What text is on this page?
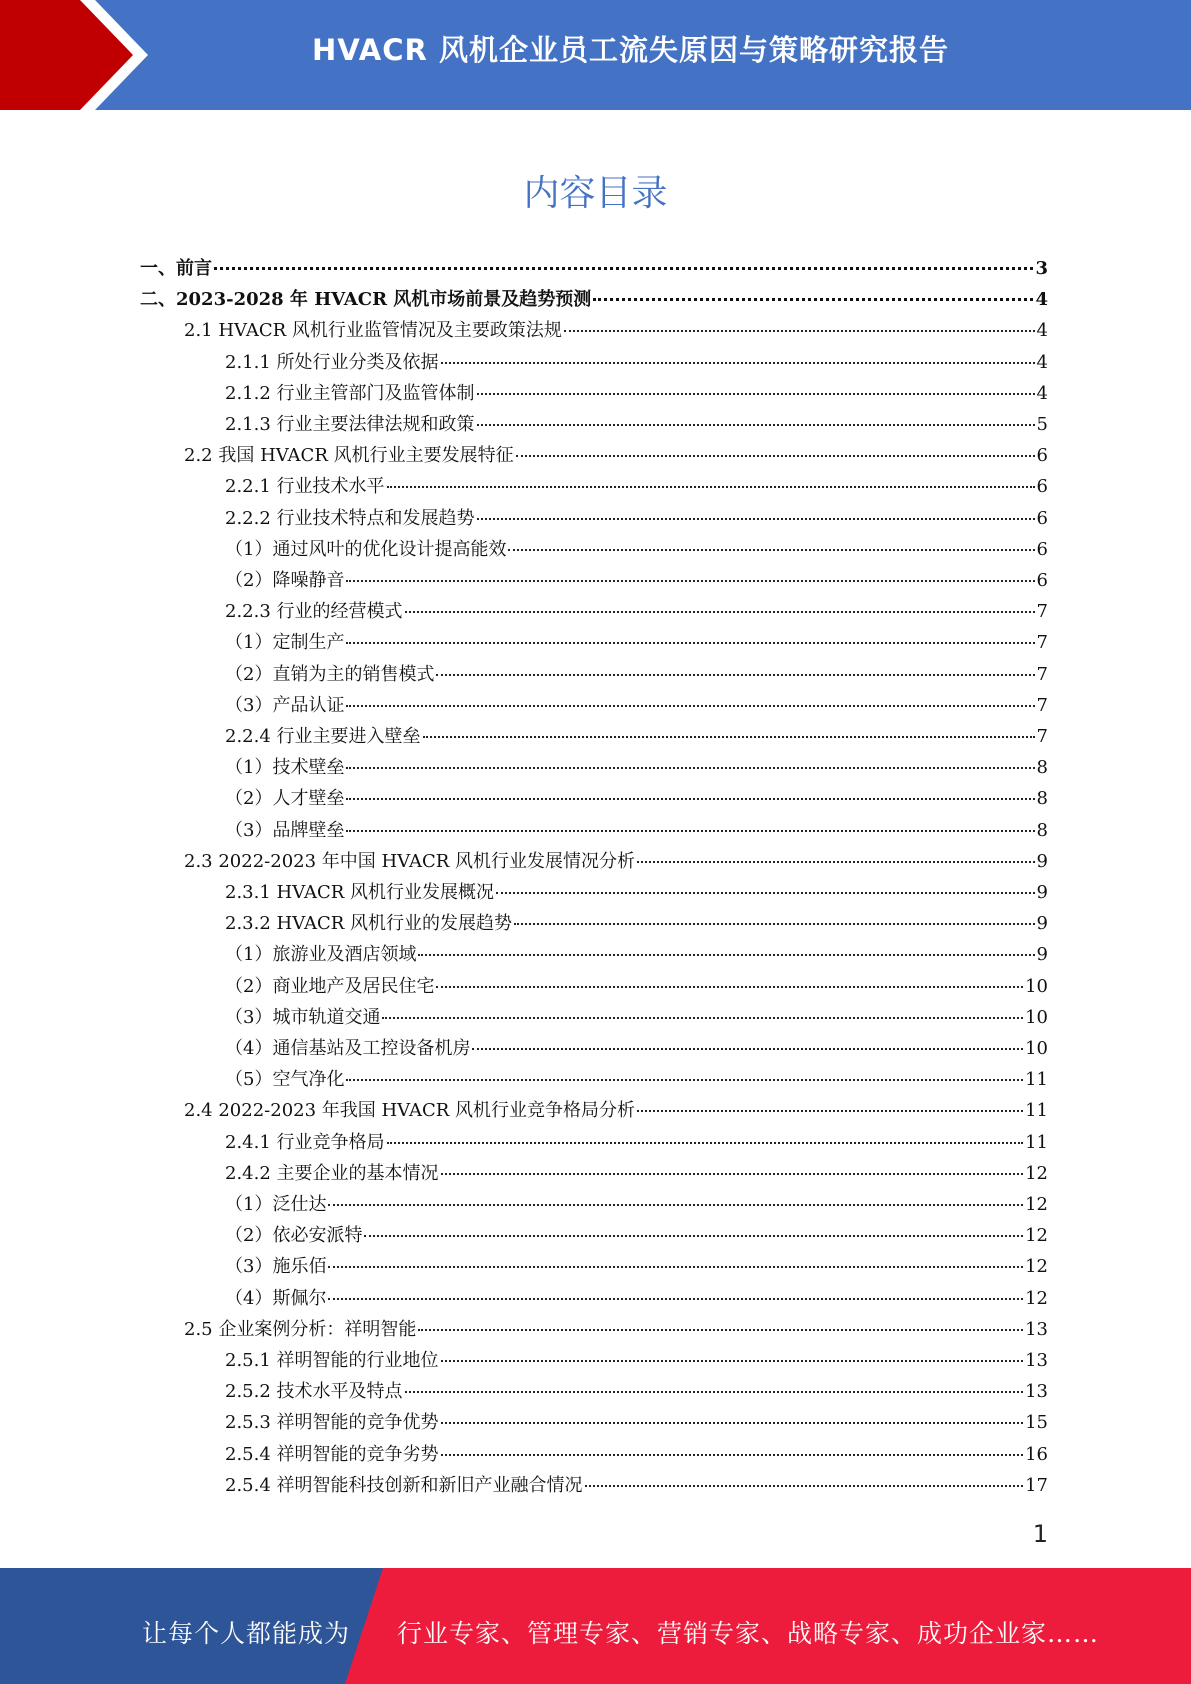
HVACR 风机企业员工流失原因与策略研究报告
内容目录
一、前言	3
二、2023-2028 年 HVACR 风机市场前景及趋势预测	4
2.1 HVACR 风机行业监管情况及主要政策法规	4
2.1.1 所处行业分类及依据	4
2.1.2 行业主管部门及监管体制	4
2.1.3 行业主要法律法规和政策	5
2.2 我国 HVACR 风机行业主要发展特征	6
2.2.1 行业技术水平	6
2.2.2 行业技术特点和发展趋势	6
（1）通过风叶的优化设计提高能效	6
（2）降噪静音	6
2.2.3 行业的经营模式	7
（1）定制生产	7
（2）直销为主的销售模式	7
（3）产品认证	7
2.2.4 行业主要进入壁垒	7
（1）技术壁垒	8
（2）人才壁垒	8
（3）品牌壁垒	8
2.3 2022-2023 年中国 HVACR 风机行业发展情况分析	9
2.3.1 HVACR 风机行业发展概况	9
2.3.2 HVACR 风机行业的发展趋势	9
（1）旅游业及酒店领域	9
（2）商业地产及居民住宅	10
（3）城市轨道交通	10
（4）通信基站及工控设备机房	10
（5）空气净化	11
2.4 2022-2023 年我国 HVACR 风机行业竞争格局分析	11
2.4.1 行业竞争格局	11
2.4.2 主要企业的基本情况	12
（1）泛仕达	12
（2）依必安派特	12
（3）施乐佰	12
（4）斯佩尔	12
2.5 企业案例分析：祥明智能	13
2.5.1 祥明智能的行业地位	13
2.5.2 技术水平及特点	13
2.5.3 祥明智能的竞争优势	15
2.5.4 祥明智能的竞争劣势	16
2.5.4 祥明智能科技创新和新旧产业融合情况	17
1
让每个人都能成为 行业专家、管理专家、营销专家、战略专家、成功企业家……
